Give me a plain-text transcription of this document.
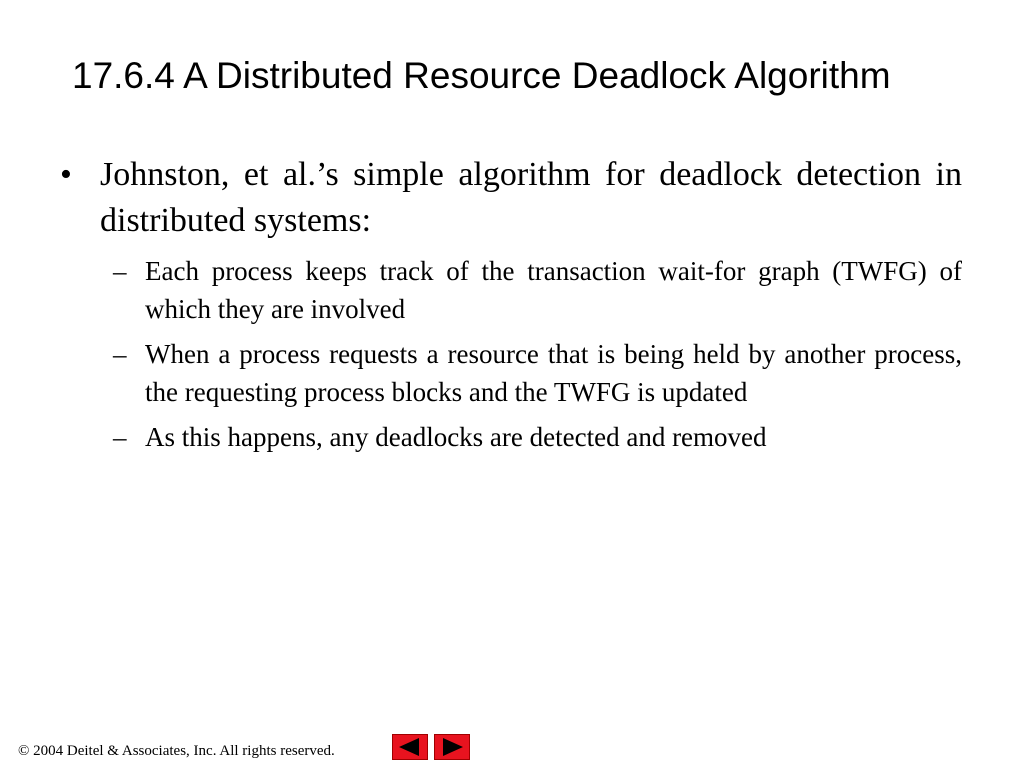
17.6.4 A Distributed Resource Deadlock Algorithm
• Johnston, et al.’s simple algorithm for deadlock detection in distributed systems:
– Each process keeps track of the transaction wait-for graph (TWFG) of which they are involved
– When a process requests a resource that is being held by another process, the requesting process blocks and the TWFG is updated
– As this happens, any deadlocks are detected and removed
© 2004 Deitel & Associates, Inc. All rights reserved.
